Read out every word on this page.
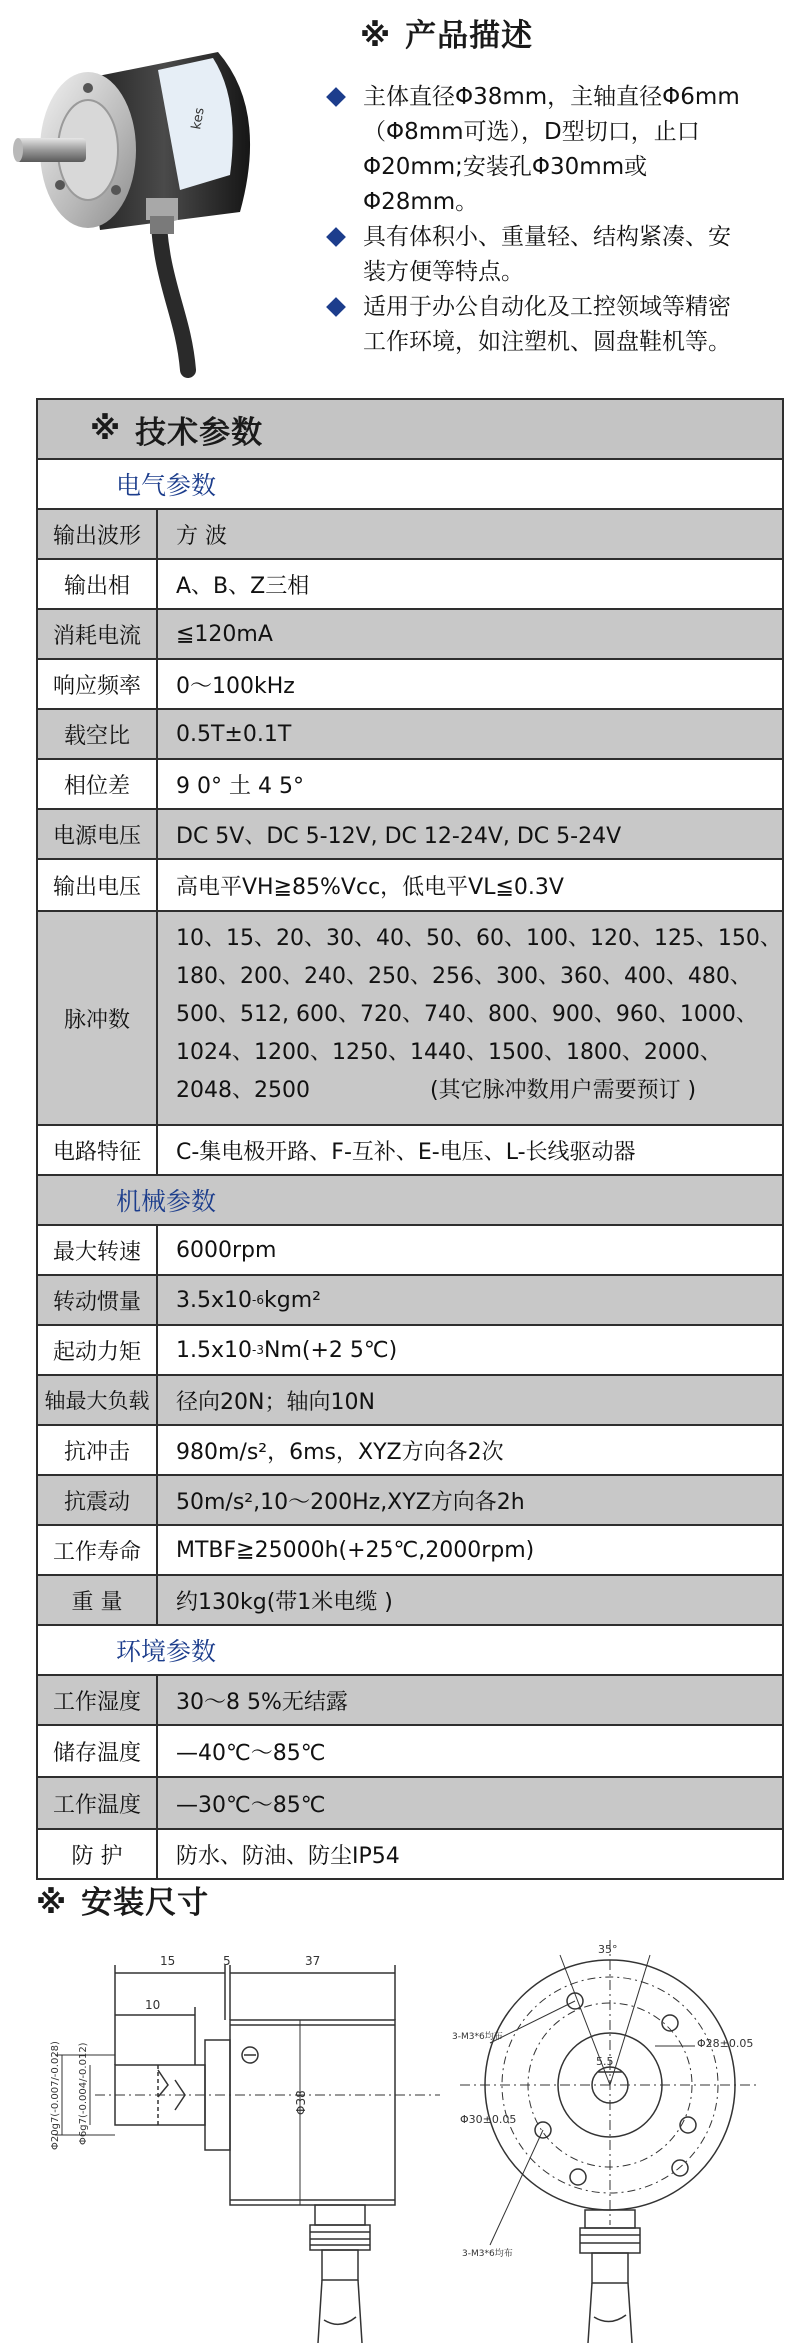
kes
※ 产品描述
主体直径Φ38mm，主轴直径Φ6mm（Φ8mm可选），D型切口，止口Φ20mm;安装孔Φ30mm或Φ28mm。
具有体积小、重量轻、结构紧凑、安 装方便等特点。
适用于办公自动化及工控领域等精密 工作环境，如注塑机、圆盘鞋机等。
※ 技术参数
电气参数
输出波形	方 波
输出相	A、B、Z三相
消耗电流	≦120mA
响应频率	0～100kHz
载空比	0.5T±0.1T
相位差	9 0° 土 4 5°
电源电压	DC 5V、DC 5-12V, DC 12-24V, DC 5-24V
输出电压	高电平VH≧85%Vcc，低电平VL≦0.3V
脉冲数
10、15、20、30、40、50、60、100、120、125、150、
180、200、240、250、256、300、360、400、480、
500、512, 600、720、740、800、900、960、1000、
1024、1200、1250、1440、1500、1800、2000、
2048、2500	(其它脉冲数用户需要预订 )
电路特征	C-集电极开路、F-互补、E-电压、L-长线驱动器
机械参数
最大转速	6000rpm
转动惯量	3.5x10 -6 kgm²
起动力矩	1.5x10 -3 Nm(+2 5℃)
轴最大负载	径向20N；轴向10N
抗冲击	980m/s²，6ms，XYZ方向各2次
抗震动	50m/s²,10～200Hz,XYZ方向各2h
工作寿命	MTBF≧25000h(+25℃,2000rpm)
重 量	约130kg(带1米电缆 )
环境参数
工作湿度	30～8 5%无结露
储存温度	—40℃～85℃
工作温度	—30℃～85℃
防 护	防水、防油、防尘IP54
※ 安装尺寸
15	5	37
10
Φ38
Φ20g7(-0.007/-0.028) Φ6g7(-0.004/-0.012)
35°
Φ28±0.05
Φ30±0.05
5.5
3-M3*6均布
3-M3*6均布
